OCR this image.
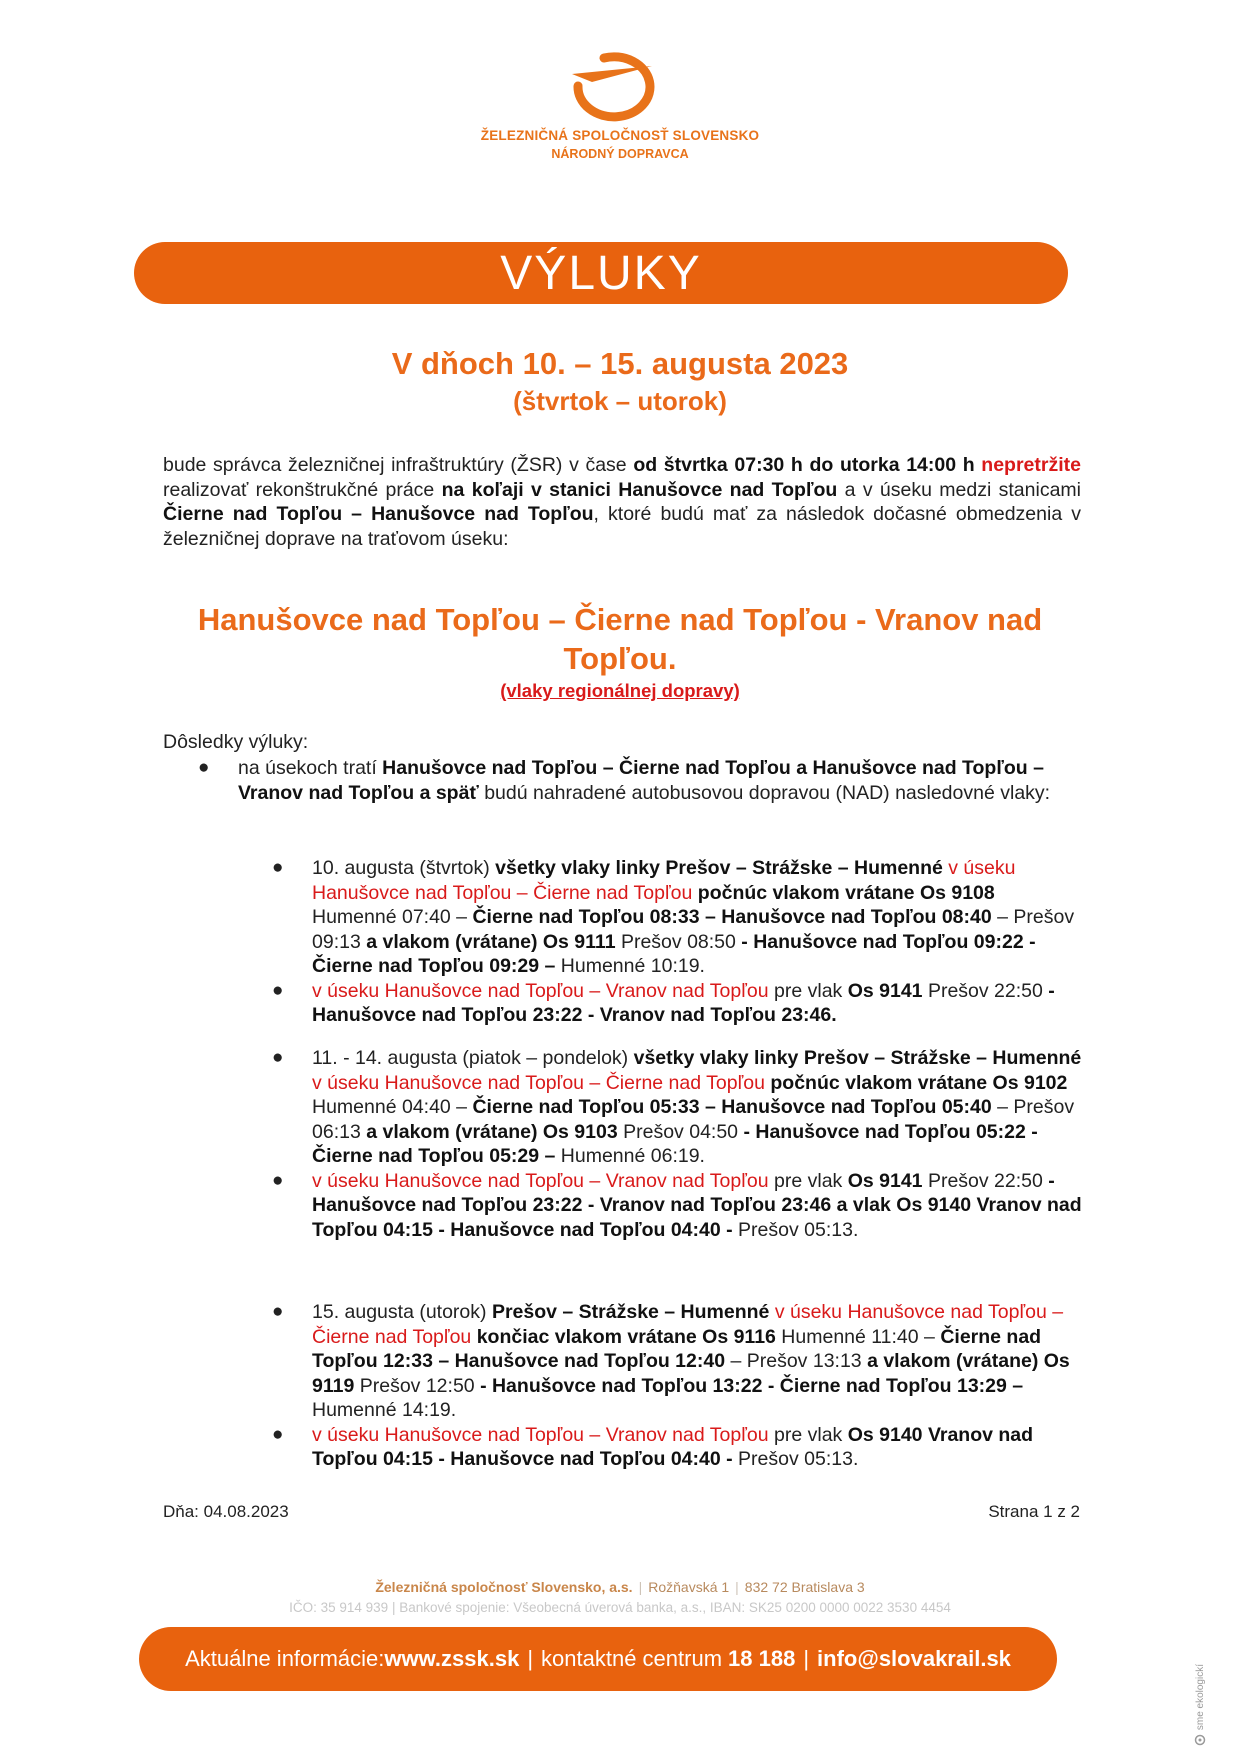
ŽELEZNIČNÁ SPOLOČNOSŤ SLOVENSKO
NÁRODNÝ DOPRAVCA
VÝLUKY
V dňoch 10. – 15. augusta 2023
(štvrtok – utorok)
bude správca železničnej infraštruktúry (ŽSR) v čase od štvrtka 07:30 h do utorka 14:00 h nepretržite realizovať rekonštrukčné práce na koľaji v stanici Hanušovce nad Topľou a v úseku medzi stanicami Čierne nad Topľou – Hanušovce nad Topľou, ktoré budú mať za následok dočasné obmedzenia v železničnej doprave na traťovom úseku:
Hanušovce nad Topľou – Čierne nad Topľou - Vranov nad Topľou.
(vlaky regionálnej dopravy)
Dôsledky výluky:
● na úsekoch tratí Hanušovce nad Topľou – Čierne nad Topľou a Hanušovce nad Topľou – Vranov nad Topľou a späť budú nahradené autobusovou dopravou (NAD) nasledovné vlaky:
● 10. augusta (štvrtok) všetky vlaky linky Prešov – Strážske – Humenné v úseku Hanušovce nad Topľou – Čierne nad Topľou počnúc vlakom vrátane Os 9108 Humenné 07:40 – Čierne nad Topľou 08:33 – Hanušovce nad Topľou 08:40 – Prešov 09:13 a vlakom (vrátane) Os 9111 Prešov 08:50 - Hanušovce nad Topľou 09:22 - Čierne nad Topľou 09:29 – Humenné 10:19.
● v úseku Hanušovce nad Topľou – Vranov nad Topľou pre vlak Os 9141 Prešov 22:50 - Hanušovce nad Topľou 23:22 - Vranov nad Topľou 23:46.
● 11. - 14. augusta (piatok – pondelok) všetky vlaky linky Prešov – Strážske – Humenné v úseku Hanušovce nad Topľou – Čierne nad Topľou počnúc vlakom vrátane Os 9102 Humenné 04:40 – Čierne nad Topľou 05:33 – Hanušovce nad Topľou 05:40 – Prešov 06:13 a vlakom (vrátane) Os 9103 Prešov 04:50 - Hanušovce nad Topľou 05:22 - Čierne nad Topľou 05:29 – Humenné 06:19.
● v úseku Hanušovce nad Topľou – Vranov nad Topľou pre vlak Os 9141 Prešov 22:50 - Hanušovce nad Topľou 23:22 - Vranov nad Topľou 23:46 a vlak Os 9140 Vranov nad Topľou 04:15 - Hanušovce nad Topľou 04:40 - Prešov 05:13.
● 15. augusta (utorok) Prešov – Strážske – Humenné v úseku Hanušovce nad Topľou – Čierne nad Topľou končiac vlakom vrátane Os 9116 Humenné 11:40 – Čierne nad Topľou 12:33 – Hanušovce nad Topľou 12:40 – Prešov 13:13 a vlakom (vrátane) Os 9119 Prešov 12:50 - Hanušovce nad Topľou 13:22 - Čierne nad Topľou 13:29 – Humenné 14:19.
● v úseku Hanušovce nad Topľou – Vranov nad Topľou pre vlak Os 9140 Vranov nad Topľou 04:15 - Hanušovce nad Topľou 04:40 - Prešov 05:13.
Dňa: 04.08.2023	Strana 1 z 2
Železničná spoločnosť Slovensko, a.s. | Rožňavská 1 | 832 72 Bratislava 3
IČO: 35 914 939 | Bankové spojenie: Všeobecná úverová banka, a.s., IBAN: SK25 0200 0000 0022 3530 4454
Aktuálne informácie: www.zssk.sk | kontaktné centrum 18 188 | info@slovakrail.sk
sme ekologickí
